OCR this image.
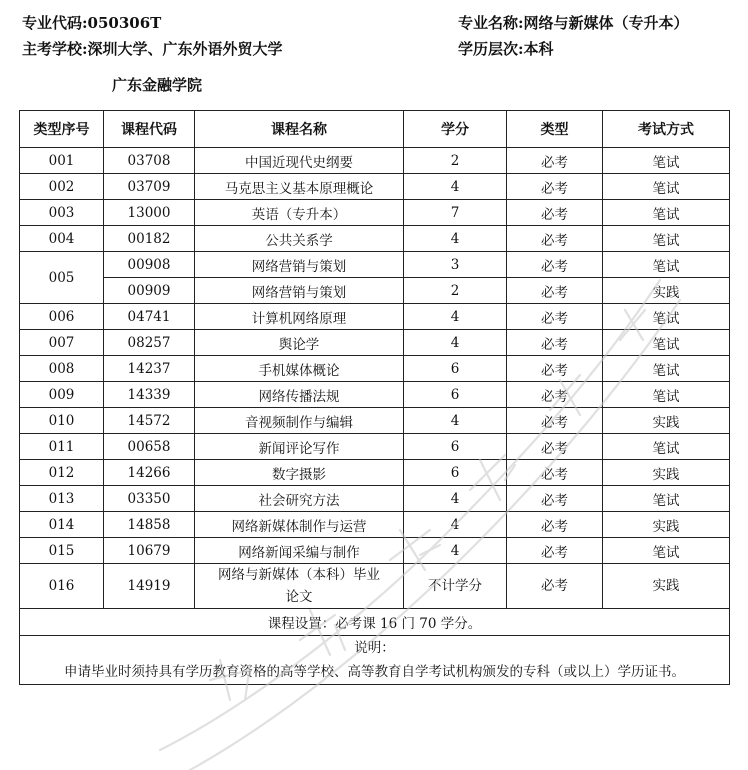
专业代码:050306T	专业名称:网络与新媒体（专升本）
主考学校:深圳大学、广东外语外贸大学	学历层次:本科
广东金融学院
类型序号	课程代码	课程名称	学分	类型	考试方式
001	03708	中国近现代史纲要	2	必考	笔试
002	03709	马克思主义基本原理概论	4	必考	笔试
003	13000	英语（专升本）	7	必考	笔试
004	00182	公共关系学	4	必考	笔试
005	00908	网络营销与策划	3	必考	笔试
	00909	网络营销与策划	2	必考	实践
006	04741	计算机网络原理	4	必考	笔试
007	08257	舆论学	4	必考	笔试
008	14237	手机媒体概论	6	必考	笔试
009	14339	网络传播法规	6	必考	笔试
010	14572	音视频制作与编辑	4	必考	实践
011	00658	新闻评论写作	6	必考	笔试
012	14266	数字摄影	6	必考	实践
013	03350	社会研究方法	4	必考	笔试
014	14858	网络新媒体制作与运营	4	必考	实践
015	10679	网络新闻采编与制作	4	必考	笔试
016	14919	网络与新媒体（本科）毕业
论文	不计学分	必考	实践
课程设置：必考课 16 门 70 学分。					

说明：
申请毕业时须持具有学历教育资格的高等学校、高等教育自学考试机构颁发的专科（或以上）学历证书。					
